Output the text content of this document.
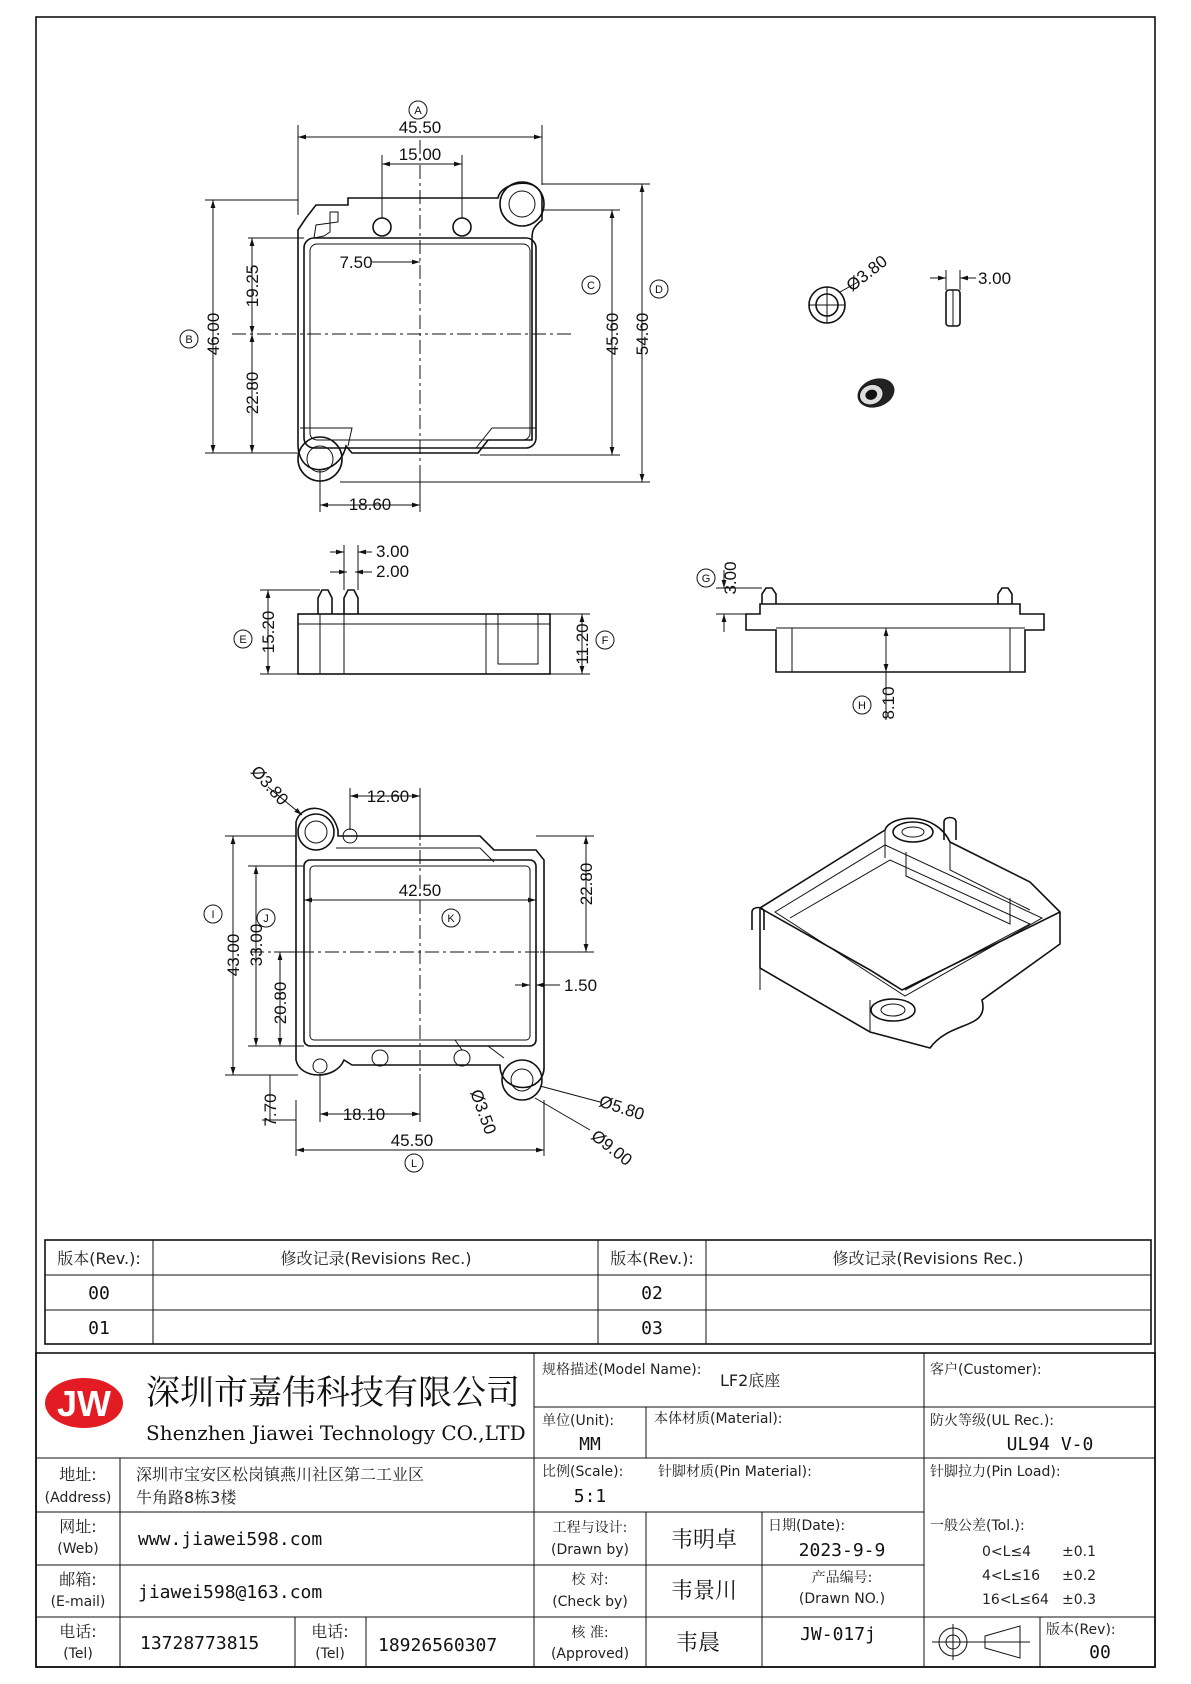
45.50
15.00
7.50
46.00
19.25
22.80
45.60 54.60
18.60
A
B
C	D	Ø3.80	3.00
3.00
2.00
15.20	11.20
E	F
3.00
8.10
G
H
Ø3.80	12.60
42.50	22.80
43.00 33.00
20.80	1.50
7.70	18.10
45.50
Ø3.50	Ø5.80
Ø9.00
I	J	K
L
版本(Rev.):	修改记录(Revisions Rec.)	版本(Rev.):	修改记录(Revisions Rec.)
00	02
01	03
JW 深圳市嘉伟科技有限公司
Shenzhen Jiawei Technology CO.,LTD
地址:
(Address)
深圳市宝安区松岗镇燕川社区第二工业区
牛角路8栋3楼
网址:
(Web) www.jiawei598.com
邮箱:
(E-mail) jiawei598@163.com
电话:
(Tel)	13728773815
电话:
(Tel) 18926560307
规格描述(Model Name):
LF2底座
客户(Customer):
单位(Unit):
MM
本体材质(Material):	防火等级(UL Rec.):
UL94 V-0
比例(Scale):
5:1
针脚材质(Pin Material):	针脚拉力(Pin Load):
工程与设计:
(Drawn by) 韦明卓
日期(Date):
2023-9-9
校 对:
(Check by) 韦景川
产品编号:
(Drawn NO.)
核 准:
(Approved) 韦晨	JW-017j
一般公差(Tol.):
0<L≤4 ±0.1
4<L≤16 ±0.2
16<L≤64 ±0.3
版本(Rev):
00
